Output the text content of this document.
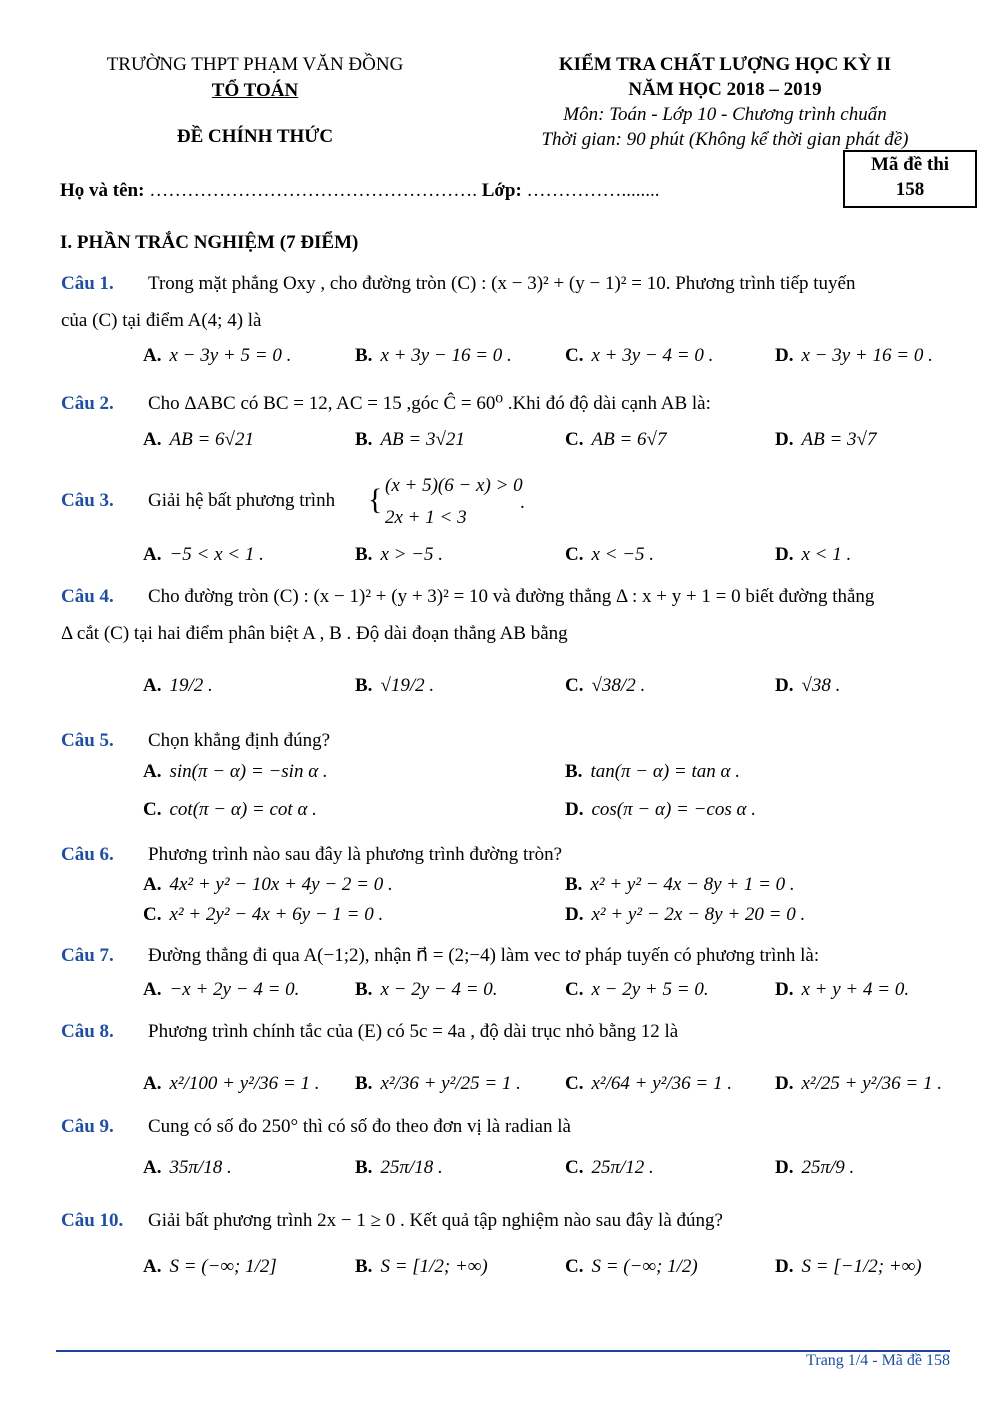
TRƯỜNG THPT PHẠM VĂN ĐỒNG
TỔ TOÁN
ĐỀ CHÍNH THỨC
KIỂM TRA CHẤT LƯỢNG HỌC KỲ II
NĂM HỌC 2018 – 2019
Môn: Toán - Lớp 10 - Chương trình chuẩn
Thời gian: 90 phút (Không kể thời gian phát đề)
Mã đề thi
158
Họ và tên: ……………………………………………. Lớp: ……………........
I. PHẦN TRẮC NGHIỆM (7 ĐIỂM)
Câu 1. Trong mặt phẳng Oxy , cho đường tròn (C) : (x − 3)² + (y − 1)² = 10. Phương trình tiếp tuyến
của (C) tại điểm A(4; 4) là
A. x − 3y + 5 = 0 .	B. x + 3y − 16 = 0 .	C. x + 3y − 4 = 0 .	D. x − 3y + 16 = 0 .
Câu 2. Cho ΔABC có BC = 12, AC = 15 ,góc Ĉ = 60⁰ .Khi đó độ dài cạnh AB là:
A. AB = 6√21	B. AB = 3√21	C. AB = 6√7	D. AB = 3√7
Câu 3. Giải hệ bất phương trình { (x + 5)(6 − x) > 0
2x + 1 < 3
.
A. −5 < x < 1 .	B. x > −5 .	C. x < −5 .	D. x < 1 .
Câu 4. Cho đường tròn (C) : (x − 1)² + (y + 3)² = 10 và đường thẳng Δ : x + y + 1 = 0 biết đường thẳng
Δ cắt (C) tại hai điểm phân biệt A , B . Độ dài đoạn thẳng AB bằng
A. 19/2 .	B. √19/2 .	C. √38/2 .	D. √38 .
Câu 5. Chọn khẳng định đúng?
A. sin(π − α) = −sin α .	B. tan(π − α) = tan α .
C. cot(π − α) = cot α .	D. cos(π − α) = −cos α .
Câu 6. Phương trình nào sau đây là phương trình đường tròn?
A. 4x² + y² − 10x + 4y − 2 = 0 .	B. x² + y² − 4x − 8y + 1 = 0 .
C. x² + 2y² − 4x + 6y − 1 = 0 .	D. x² + y² − 2x − 8y + 20 = 0 .
Câu 7. Đường thẳng đi qua A(−1;2), nhận n⃗ = (2;−4) làm vec tơ pháp tuyến có phương trình là:
A. −x + 2y − 4 = 0.	B. x − 2y − 4 = 0.	C. x − 2y + 5 = 0.	D. x + y + 4 = 0.
Câu 8. Phương trình chính tắc của (E) có 5c = 4a , độ dài trục nhỏ bằng 12 là
A. x²/100 + y²/36 = 1 . B. x²/36 + y²/25 = 1 . C. x²/64 + y²/36 = 1 . D. x²/25 + y²/36 = 1 .
Câu 9. Cung có số đo 250° thì có số đo theo đơn vị là radian là
A. 35π/18 .	B. 25π/18 .	C. 25π/12 .	D. 25π/9 .
Câu 10. Giải bất phương trình 2x − 1 ≥ 0 . Kết quả tập nghiệm nào sau đây là đúng?
A. S = (−∞; 1/2]	B. S = [1/2; +∞)	C. S = (−∞; 1/2)	D. S = [−1/2; +∞)
Trang 1/4 - Mã đề 158
